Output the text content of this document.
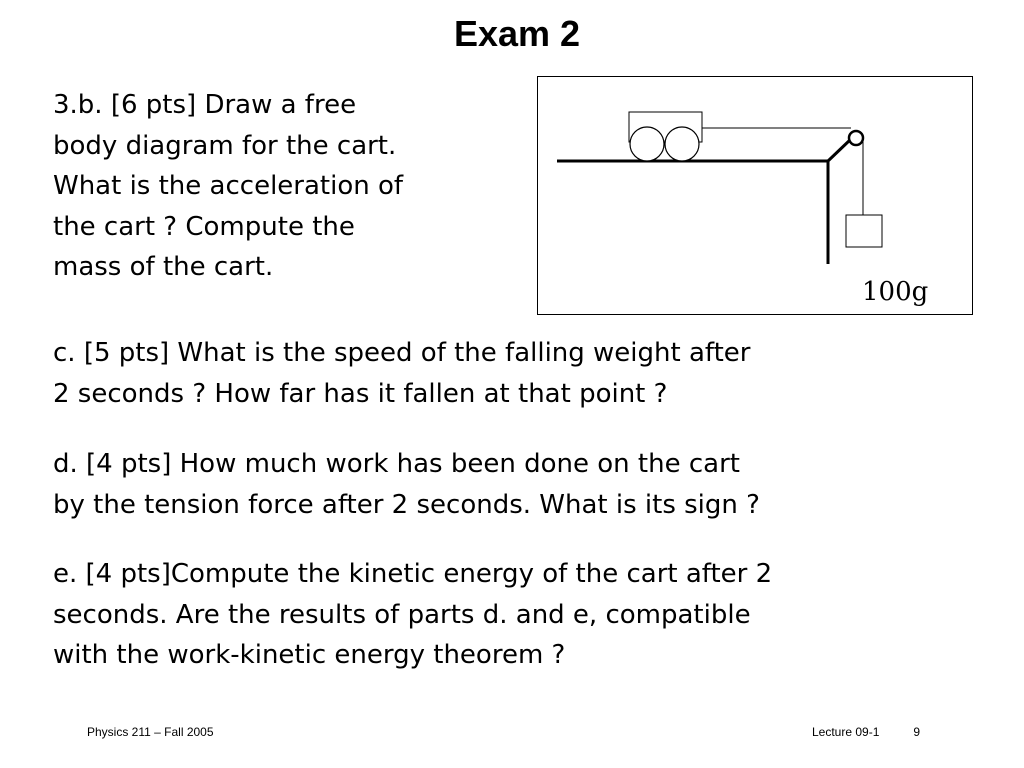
Exam 2

3.b. [6 pts] Draw a free
body diagram for the cart.
What is the acceleration of
the cart ? Compute the
mass of the cart.

100g

c. [5 pts] What is the speed of the falling weight after
2 seconds ? How far has it fallen at that point ?

d. [4 pts] How much work has been done on the cart
by the tension force after 2 seconds. What is its sign ?

e. [4 pts]Compute the kinetic energy of the cart after 2
seconds. Are the results of parts d. and e, compatible
with the work-kinetic energy theorem ?

Physics 211 – Fall 2005	Lecture 09-1	9
